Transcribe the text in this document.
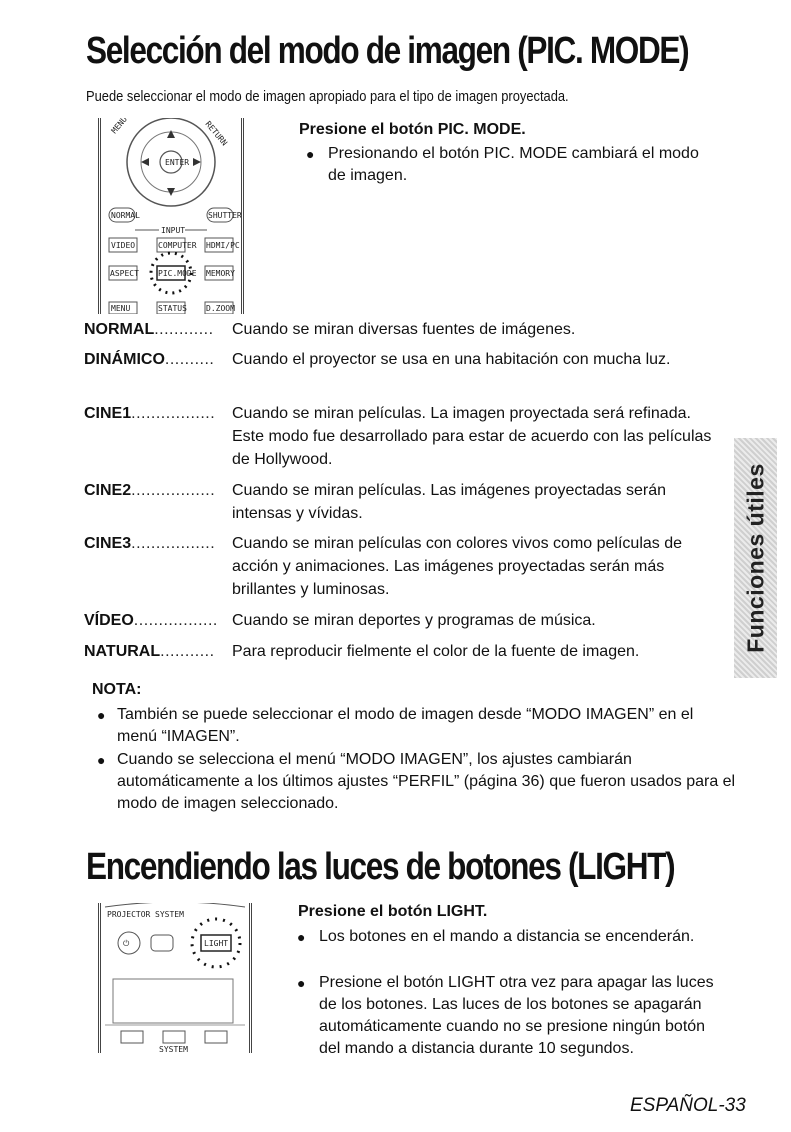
Selección del modo de imagen (PIC. MODE)
Puede seleccionar el modo de imagen apropiado para el tipo de imagen proyectada.
ENTER
MENU	RETURN
NORMAL	SHUTTER
INPUT
VIDEO	COMPUTER HDMI/PC
ASPECT PIC.MODE MEMORY
MENU	STATUS D.ZOOM
Presione el botón PIC. MODE.
● Presionando el botón PIC. MODE cambiará el modo de imagen.
NORMAL............ Cuando se miran diversas fuentes de imágenes.
DINÁMICO.......... Cuando el proyector se usa en una habitación con mucha luz.
CINE1................. Cuando se miran películas. La imagen proyectada será refinada. Este modo fue desarrollado para estar de acuerdo con las películas de Hollywood.
CINE2................. Cuando se miran películas. Las imágenes proyectadas serán intensas y vívidas.
CINE3................. Cuando se miran películas con colores vivos como películas de acción y animaciones. Las imágenes proyectadas serán más brillantes y luminosas.
VÍDEO................. Cuando se miran deportes y programas de música.
NATURAL........... Para reproducir fielmente el color de la fuente de imagen.
NOTA:
● También se puede seleccionar el modo de imagen desde “MODO IMAGEN” en el menú “IMAGEN”.
● Cuando se selecciona el menú “MODO IMAGEN”, los ajustes cambiarán automáticamente a los últimos ajustes “PERFIL” (página 36) que fueron usados para el modo de imagen seleccionado.
Funciones útiles
Encendiendo las luces de botones (LIGHT)
PROJECTOR SYSTEM
⏻	LIGHT
SYSTEM
Presione el botón LIGHT.
● Los botones en el mando a distancia se encenderán.
● Presione el botón LIGHT otra vez para apagar las luces de los botones. Las luces de los botones se apagarán automáticamente cuando no se presione ningún botón del mando a distancia durante 10 segundos.
ESPAÑOL-33
